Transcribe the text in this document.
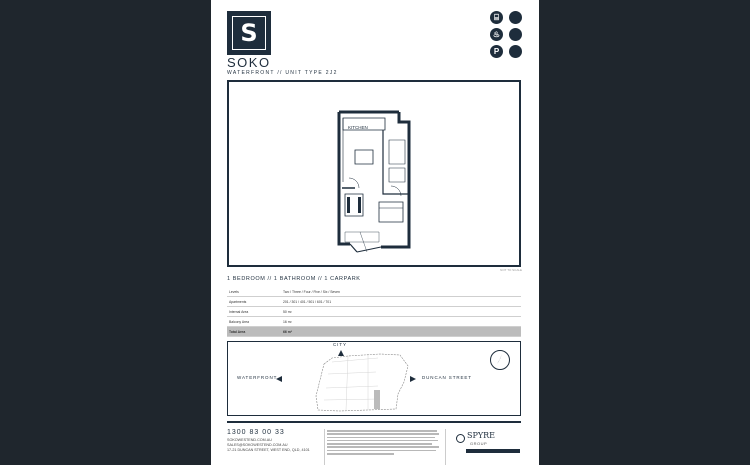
S
SOKO
WATERFRONT // UNIT TYPE 2J2
⌸
♨
P
KITCHEN
NOT TO SCALE
1 BEDROOM // 1 BATHROOM // 1 CARPARK
Levels	Two / Three / Four / Five / Six / Seven
Apartments	201 / 301 / 401 / 501 / 601 / 701
Internal Area	50 m²
Balcony Area	16 m²
Total Area	66 m²
CITY
WATERFRONT	DUNCAN STREET
1300 83 00 33
SOKOWESTEND.COM.AU
SALES@SOKOWESTEND.COM.AU
17-21 DUNCAN STREET, WEST END, QLD, 4101
SPYRE
GROUP
